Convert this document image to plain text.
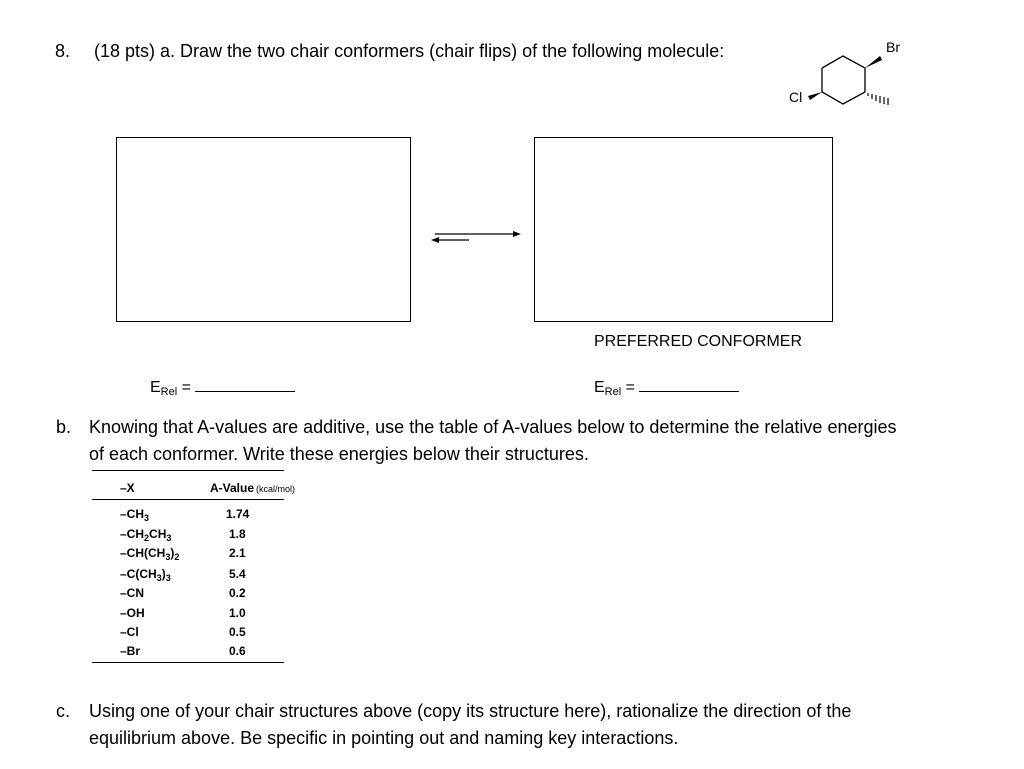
8. (18 pts) a. Draw the two chair conformers (chair flips) of the following molecule:	Br
Cl
PREFERRED CONFORMER
$E_{Rel}$ =	$E_{Rel}$ =
b. Knowing that A-values are additive, use the table of A-values below to determine the relative energies
of each conformer. Write these energies below their structures.
–X	A-Value (kcal/mol)
$-CH_3$	1.74
$-CH_2CH_3$	1.8
$-CH(CH_3)_2$	2.1
$-C(CH_3)_3$	5.4
–CN	0.2
–OH	1.0
–Cl	0.5
–Br	0.6
c. Using one of your chair structures above (copy its structure here), rationalize the direction of the
equilibrium above. Be specific in pointing out and naming key interactions.
